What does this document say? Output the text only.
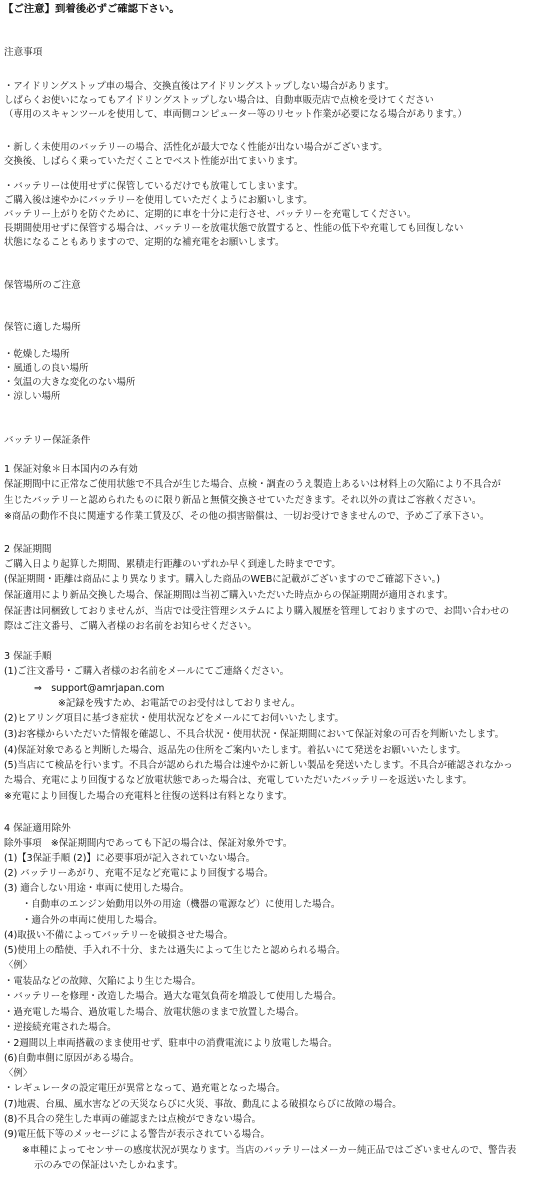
【ご注意】到着後必ずご確認下さい。
注意事項
・アイドリングストップ車の場合、交換直後はアイドリングストップしない場合があります。
しばらくお使いになってもアイドリングストップしない場合は、自動車販売店で点検を受けてください
（専用のスキャンツールを使用して、車両側コンピューター等のリセット作業が必要になる場合があります。）
・新しく未使用のバッテリーの場合、活性化が最大でなく性能が出ない場合がございます。
交換後、しばらく乗っていただくことでベスト性能が出てまいります。
・バッテリーは使用せずに保管しているだけでも放電してしまいます。
ご購入後は速やかにバッテリーを使用していただくようにお願いします。
バッテリー上がりを防ぐために、定期的に車を十分に走行させ、バッテリーを充電してください。
長期間使用せずに保管する場合は、バッテリーを放電状態で放置すると、性能の低下や充電しても回復しない
状態になることもありますので、定期的な補充電をお願いします。
保管場所のご注意
保管に適した場所
・乾燥した場所
・風通しの良い場所
・気温の大きな変化のない場所
・涼しい場所
バッテリー保証条件
1 保証対象＊日本国内のみ有効
保証期間中に正常なご使用状態で不具合が生じた場合、点検・調査のうえ製造上あるいは材料上の欠陥により不具合が
生じたバッテリーと認められたものに限り新品と無償交換させていただきます。それ以外の責はご容赦ください。
※商品の動作不良に関連する作業工賃及び、その他の損害賠償は、一切お受けできませんので、予めご了承下さい。
2 保証期間
ご購入日より起算した期間、累積走行距離のいずれか早く到達した時までです。
(保証期間・距離は商品により異なります。購入した商品のWEBに記載がございますのでご確認下さい。)
保証適用により新品交換した場合、保証期間は当初ご購入いただいた時点からの保証期間が適用されます。
保証書は同梱致しておりませんが、当店では受注管理システムにより購入履歴を管理しておりますので、お問い合わせの
際はご注文番号、ご購入者様のお名前をお知らせください。
3 保証手順
(1)ご注文番号・ご購入者様のお名前をメールにてご連絡ください。
⇒　support@amrjapan.com
※記録を残すため、お電話でのお受付はしておりません。
(2)ヒアリング項目に基づき症状・使用状況などをメールにてお伺いいたします。
(3)お客様からいただいた情報を確認し、不具合状況・使用状況・保証期間において保証対象の可否を判断いたします。
(4)保証対象であると判断した場合、返品先の住所をご案内いたします。着払いにて発送をお願いいたします。
(5)当店にて検品を行います。不具合が認められた場合は速やかに新しい製品を発送いたします。不具合が確認されなかっ
た場合、充電により回復するなど放電状態であった場合は、充電していただいたバッテリーを返送いたします。
※充電により回復した場合の充電料と往復の送料は有料となります。
4 保証適用除外
除外事項　※保証期間内であっても下記の場合は、保証対象外です。
(1)【3保証手順 (2)】に必要事項が記入されていない場合。
(2) バッテリーあがり、充電不足など充電により回復する場合。
(3) 適合しない用途・車両に使用した場合。
・自動車のエンジン始動用以外の用途（機器の電源など）に使用した場合。
・適合外の車両に使用した場合。
(4)取扱い不備によってバッテリーを破損させた場合。
(5)使用上の酷使、手入れ不十分、または過失によって生じたと認められる場合。
〈例〉
・電装品などの故障、欠陥により生じた場合。
・バッテリーを修理・改造した場合。過大な電気負荷を増設して使用した場合。
・過充電した場合、過放電した場合、放電状態のままで放置した場合。
・逆接続充電された場合。
・2週間以上車両搭載のまま使用せず、駐車中の消費電流により放電した場合。
(6)自動車側に原因がある場合。
〈例〉
・レギュレータの設定電圧が異常となって、過充電となった場合。
(7)地震、台風、風水害などの天災ならびに火災、事故、動乱による破損ならびに故障の場合。
(8)不具合の発生した車両の確認または点検ができない場合。
(9)電圧低下等のメッセージによる警告が表示されている場合。
※車種によってセンサーの感度状況が異なります。当店のバッテリーはメーカー純正品ではございませんので、警告表
示のみでの保証はいたしかねます。
